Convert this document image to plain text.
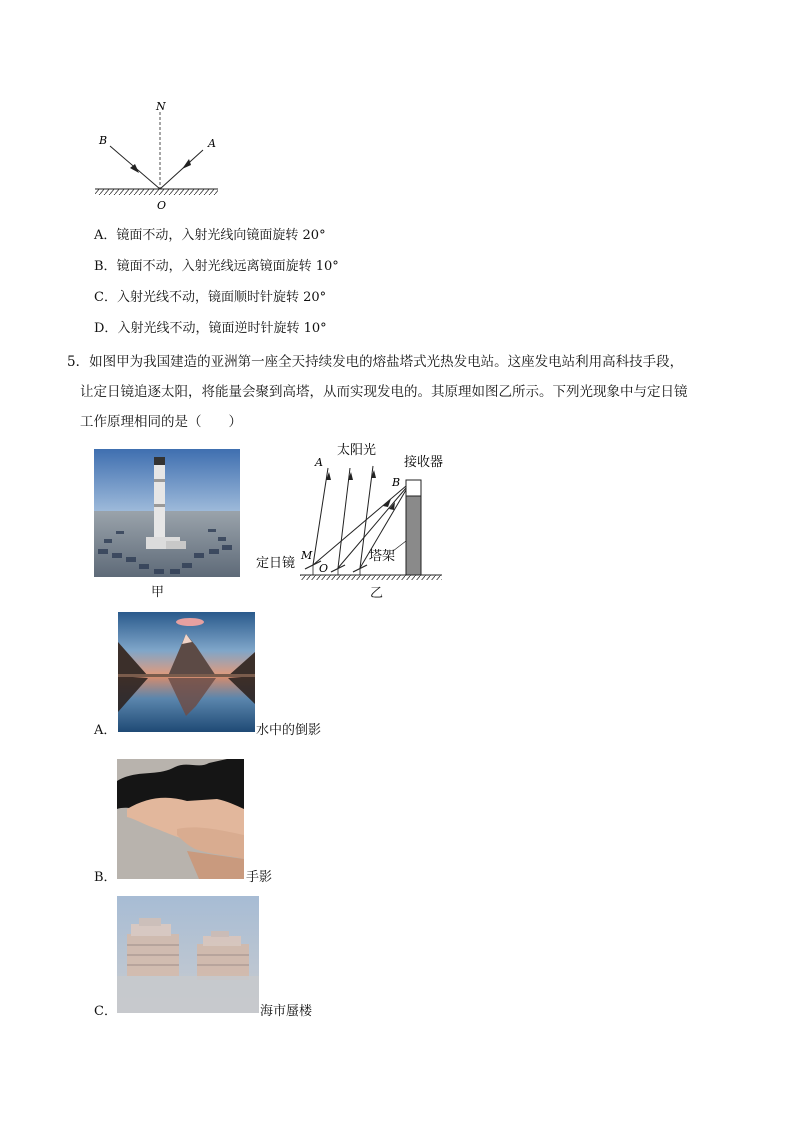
N
A
B
O
A．镜面不动，入射光线向镜面旋转 20°
B．镜面不动，入射光线远离镜面旋转 10°
C．入射光线不动，镜面顺时针旋转 20°
D．入射光线不动，镜面逆时针旋转 10°
5．如图甲为我国建造的亚洲第一座全天持续发电的熔盐塔式光热发电站。这座发电站利用高科技手段，
让定日镜追逐太阳，将能量会聚到高塔，从而实现发电的。其原理如图乙所示。下列光现象中与定日镜
工作原理相同的是（　　）
甲
太阳光
接收器
A
B
M
O
定日镜	塔架
乙
A．	水中的倒影
B．	手影
C．	海市蜃楼
